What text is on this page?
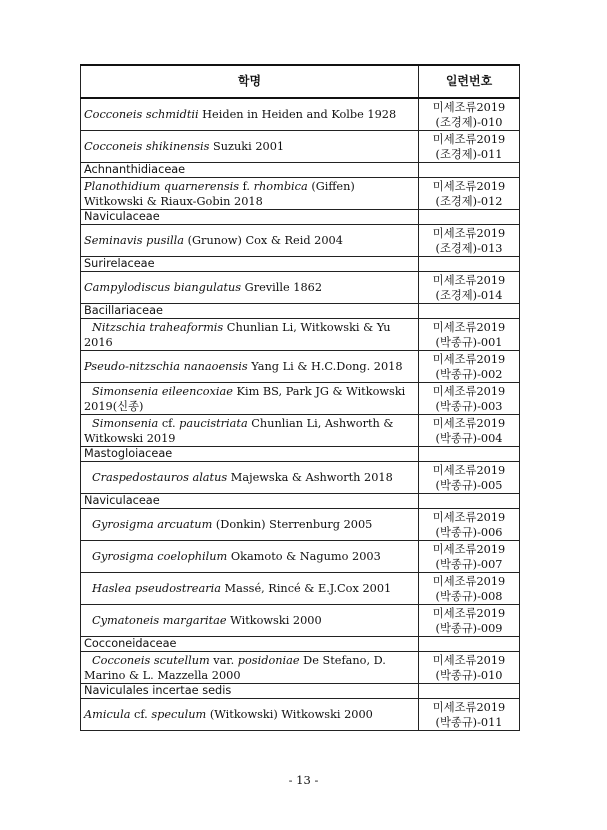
학명	일련번호
Cocconeis schmidtii Heiden in Heiden and Kolbe 1928	미세조류2019
(조경제)-010

Cocconeis shikinensis Suzuki 2001	미세조류2019
(조경제)-011

Achnanthidiaceae	
Planothidium quarnerensis f. rhombica (Giffen) Witkowski & Riaux-Gobin 2018	미세조류2019
(조경제)-012

Naviculaceae	
Seminavis pusilla (Grunow) Cox & Reid 2004	미세조류2019
(조경제)-013

Surirelaceae	
Campylodiscus biangulatus Greville 1862	미세조류2019
(조경제)-014

Bacillariaceae	
Nitzschia traheaformis Chunlian Li, Witkowski & Yu 2016	미세조류2019
(박종규)-001

Pseudo-nitzschia nanaoensis Yang Li & H.C.Dong. 2018	미세조류2019
(박종규)-002

Simonsenia eileencoxiae Kim BS, Park JG & Witkowski 2019(신종)	미세조류2019
(박종규)-003

Simonsenia cf. paucistriata Chunlian Li, Ashworth & Witkowski 2019	미세조류2019
(박종규)-004

Mastogloiaceae	
Craspedostauros alatus Majewska & Ashworth 2018	미세조류2019
(박종규)-005

Naviculaceae	
Gyrosigma arcuatum (Donkin) Sterrenburg 2005	미세조류2019
(박종규)-006

Gyrosigma coelophilum Okamoto & Nagumo 2003	미세조류2019
(박종규)-007

Haslea pseudostrearia Massé, Rincé & E.J.Cox 2001	미세조류2019
(박종규)-008

Cymatoneis margaritae Witkowski 2000	미세조류2019
(박종규)-009

Cocconeidaceae	
Cocconeis scutellum var. posidoniae De Stefano, D. Marino & L. Mazzella 2000	미세조류2019
(박종규)-010

Naviculales incertae sedis	
Amicula cf. speculum (Witkowski) Witkowski 2000	미세조류2019
(박종규)-011
- 13 -
